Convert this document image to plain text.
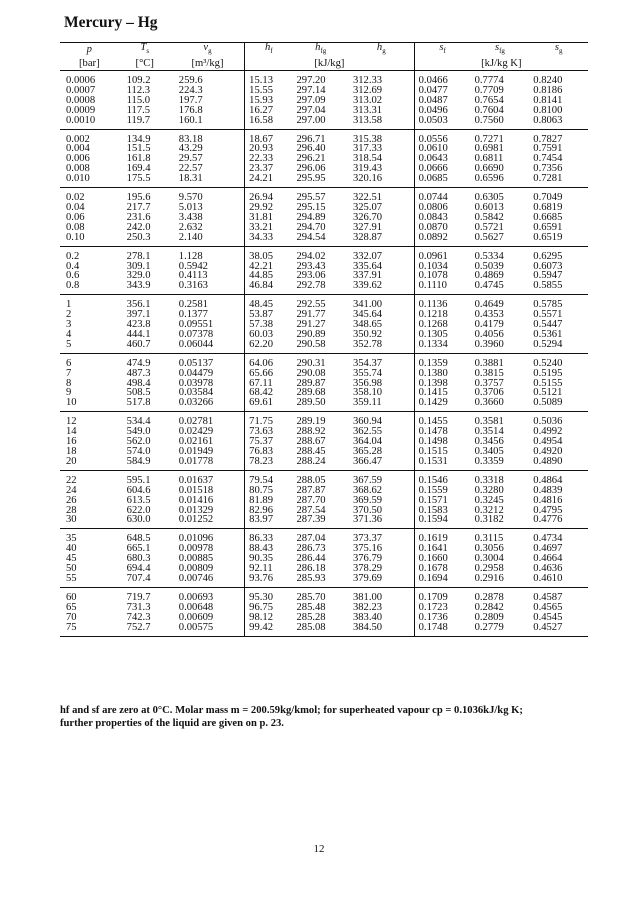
Mercury – Hg
p	$T_s$	$v_g$	$h_f$	$h_{fg}$	$h_g$	$s_f$	$s_{fg}$	$s_g$
[bar]	[°C]	[m³/kg]	[kJ/kg]			[kJ/kg K]		
0.0006	109.2	259.6	15.13	297.20	312.33	0.0466	0.7774	0.8240
0.0007	112.3	224.3	15.55	297.14	312.69	0.0477	0.7709	0.8186
0.0008	115.0	197.7	15.93	297.09	313.02	0.0487	0.7654	0.8141
0.0009	117.5	176.8	16.27	297.04	313.31	0.0496	0.7604	0.8100
0.0010	119.7	160.1	16.58	297.00	313.58	0.0503	0.7560	0.8063
0.002	134.9	83.18	18.67	296.71	315.38	0.0556	0.7271	0.7827
0.004	151.5	43.29	20.93	296.40	317.33	0.0610	0.6981	0.7591
0.006	161.8	29.57	22.33	296.21	318.54	0.0643	0.6811	0.7454
0.008	169.4	22.57	23.37	296.06	319.43	0.0666	0.6690	0.7356
0.010	175.5	18.31	24.21	295.95	320.16	0.0685	0.6596	0.7281
0.02	195.6	9.570	26.94	295.57	322.51	0.0744	0.6305	0.7049
0.04	217.7	5.013	29.92	295.15	325.07	0.0806	0.6013	0.6819
0.06	231.6	3.438	31.81	294.89	326.70	0.0843	0.5842	0.6685
0.08	242.0	2.632	33.21	294.70	327.91	0.0870	0.5721	0.6591
0.10	250.3	2.140	34.33	294.54	328.87	0.0892	0.5627	0.6519
0.2	278.1	1.128	38.05	294.02	332.07	0.0961	0.5334	0.6295
0.4	309.1	0.5942	42.21	293.43	335.64	0.1034	0.5039	0.6073
0.6	329.0	0.4113	44.85	293.06	337.91	0.1078	0.4869	0.5947
0.8	343.9	0.3163	46.84	292.78	339.62	0.1110	0.4745	0.5855
1	356.1	0.2581	48.45	292.55	341.00	0.1136	0.4649	0.5785
2	397.1	0.1377	53.87	291.77	345.64	0.1218	0.4353	0.5571
3	423.8	0.09551	57.38	291.27	348.65	0.1268	0.4179	0.5447
4	444.1	0.07378	60.03	290.89	350.92	0.1305	0.4056	0.5361
5	460.7	0.06044	62.20	290.58	352.78	0.1334	0.3960	0.5294
6	474.9	0.05137	64.06	290.31	354.37	0.1359	0.3881	0.5240
7	487.3	0.04479	65.66	290.08	355.74	0.1380	0.3815	0.5195
8	498.4	0.03978	67.11	289.87	356.98	0.1398	0.3757	0.5155
9	508.5	0.03584	68.42	289.68	358.10	0.1415	0.3706	0.5121
10	517.8	0.03266	69.61	289.50	359.11	0.1429	0.3660	0.5089
12	534.4	0.02781	71.75	289.19	360.94	0.1455	0.3581	0.5036
14	549.0	0.02429	73.63	288.92	362.55	0.1478	0.3514	0.4992
16	562.0	0.02161	75.37	288.67	364.04	0.1498	0.3456	0.4954
18	574.0	0.01949	76.83	288.45	365.28	0.1515	0.3405	0.4920
20	584.9	0.01778	78.23	288.24	366.47	0.1531	0.3359	0.4890
22	595.1	0.01637	79.54	288.05	367.59	0.1546	0.3318	0.4864
24	604.6	0.01518	80.75	287.87	368.62	0.1559	0.3280	0.4839
26	613.5	0.01416	81.89	287.70	369.59	0.1571	0.3245	0.4816
28	622.0	0.01329	82.96	287.54	370.50	0.1583	0.3212	0.4795
30	630.0	0.01252	83.97	287.39	371.36	0.1594	0.3182	0.4776
35	648.5	0.01096	86.33	287.04	373.37	0.1619	0.3115	0.4734
40	665.1	0.00978	88.43	286.73	375.16	0.1641	0.3056	0.4697
45	680.3	0.00885	90.35	286.44	376.79	0.1660	0.3004	0.4664
50	694.4	0.00809	92.11	286.18	378.29	0.1678	0.2958	0.4636
55	707.4	0.00746	93.76	285.93	379.69	0.1694	0.2916	0.4610
60	719.7	0.00693	95.30	285.70	381.00	0.1709	0.2878	0.4587
65	731.3	0.00648	96.75	285.48	382.23	0.1723	0.2842	0.4565
70	742.3	0.00609	98.12	285.28	383.40	0.1736	0.2809	0.4545
75	752.7	0.00575	99.42	285.08	384.50	0.1748	0.2779	0.4527
hf and sf are zero at 0°C. Molar mass m = 200.59kg/kmol; for superheated vapour cp = 0.1036kJ/kg K;
further properties of the liquid are given on p. 23.
12
